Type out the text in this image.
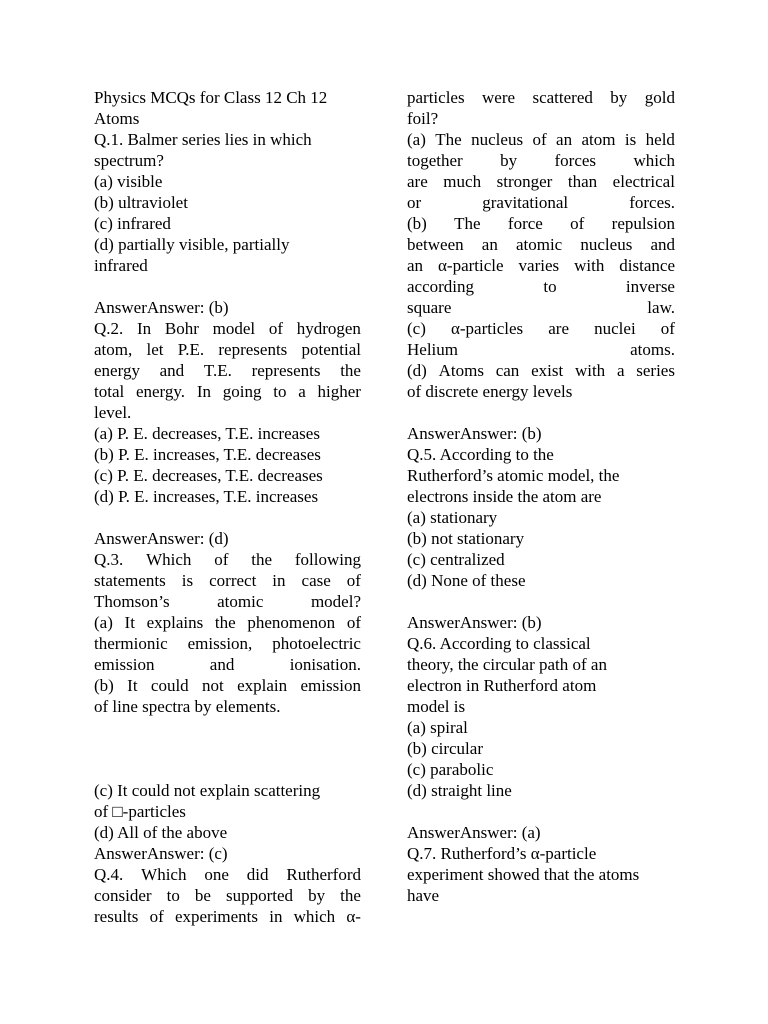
Physics MCQs for Class 12 Ch 12
Atoms
Q.1. Balmer series lies in which
spectrum?
(a) visible
(b) ultraviolet
(c) infrared
(d) partially visible, partially
infrared
AnswerAnswer: (b)
Q.2. In Bohr model of hydrogen
atom, let P.E. represents potential
energy and T.E. represents the
total energy. In going to a higher
level.
(a) P. E. decreases, T.E. increases
(b) P. E. increases, T.E. decreases
(c) P. E. decreases, T.E. decreases
(d) P. E. increases, T.E. increases
AnswerAnswer: (d)
Q.3. Which of the following
statements is correct in case of
Thomson’s	atomic	model?
(a) It explains the phenomenon of
thermionic emission, photoelectric
emission	and	ionisation.
(b) It could not explain emission
of line spectra by elements.
(c) It could not explain scattering
of □-particles
(d) All of the above
AnswerAnswer: (c)
Q.4. Which one did Rutherford
consider to be supported by the
results of experiments in which α-
particles were scattered by gold
foil?
(a) The nucleus of an atom is held
together by forces which
are much stronger than electrical
or	gravitational	forces.
(b) The force of repulsion
between an atomic nucleus and
an α-particle varies with distance
according	to	inverse
square	law.
(c) α-particles are nuclei of
Helium	atoms.
(d) Atoms can exist with a series
of discrete energy levels
AnswerAnswer: (b)
Q.5. According to the
Rutherford’s atomic model, the
electrons inside the atom are
(a) stationary
(b) not stationary
(c) centralized
(d) None of these
AnswerAnswer: (b)
Q.6. According to classical
theory, the circular path of an
electron in Rutherford atom
model is
(a) spiral
(b) circular
(c) parabolic
(d) straight line
AnswerAnswer: (a)
Q.7. Rutherford’s α-particle
experiment showed that the atoms
have
